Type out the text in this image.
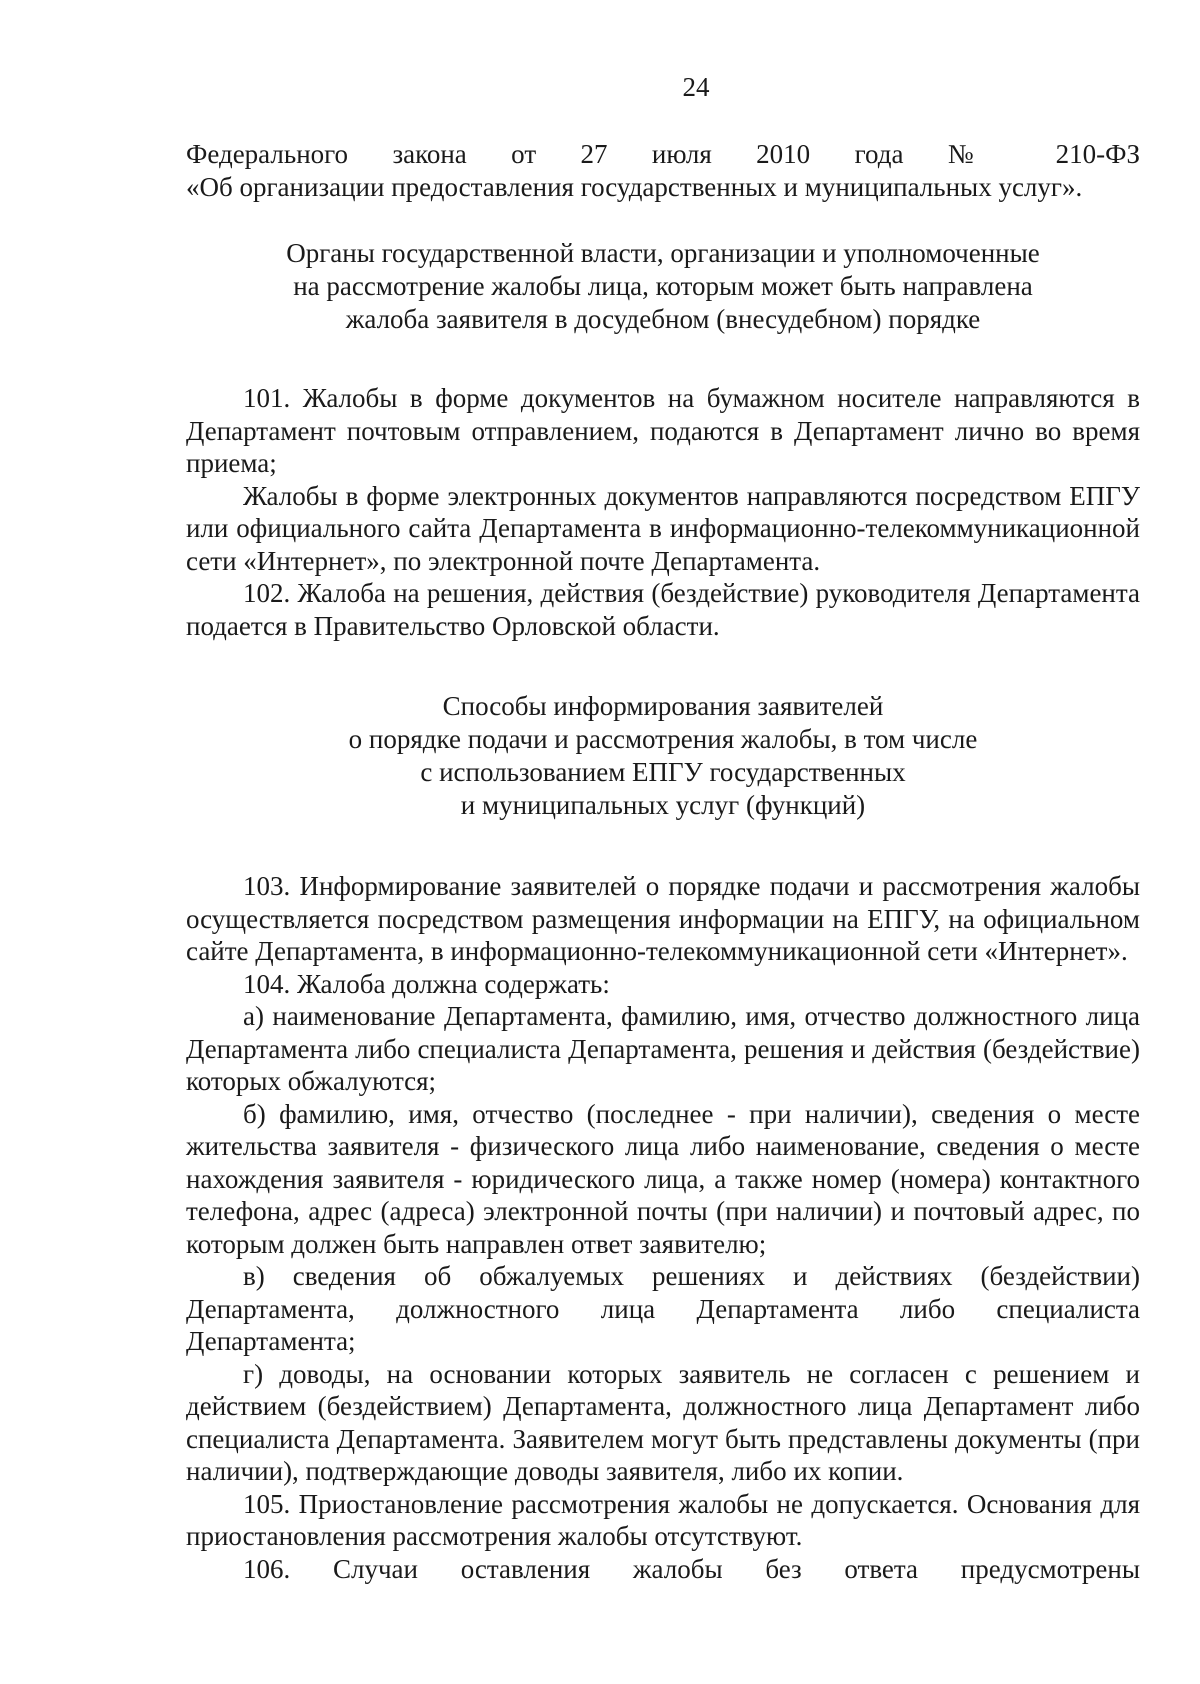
24

Федерального закона от 27 июля 2010 года № 210-ФЗ

«Об организации предоставления государственных и муниципальных услуг».

Органы государственной власти, организации и уполномоченные
на рассмотрение жалобы лица, которым может быть направлена
жалоба заявителя в досудебном (внесудебном) порядке

101. Жалобы в форме документов на бумажном носителе направляются в Департамент почтовым отправлением, подаются в Департамент лично во время приема;

Жалобы в форме электронных документов направляются посредством ЕПГУ или официального сайта Департамента в информационно-телекоммуникационной сети «Интернет», по электронной почте Департамента.

102. Жалоба на решения, действия (бездействие) руководителя Департамента подается в Правительство Орловской области.

Способы информирования заявителей
о порядке подачи и рассмотрения жалобы, в том числе
с использованием ЕПГУ государственных
и муниципальных услуг (функций)

103. Информирование заявителей о порядке подачи и рассмотрения жалобы осуществляется посредством размещения информации на ЕПГУ, на официальном сайте Департамента, в информационно-телекоммуникационной сети «Интернет».

104. Жалоба должна содержать:

а) наименование Департамента, фамилию, имя, отчество должностного лица Департамента либо специалиста Департамента, решения и действия (бездействие) которых обжалуются;

б) фамилию, имя, отчество (последнее - при наличии), сведения о месте жительства заявителя - физического лица либо наименование, сведения о месте нахождения заявителя - юридического лица, а также номер (номера) контактного телефона, адрес (адреса) электронной почты (при наличии) и почтовый адрес, по которым должен быть направлен ответ заявителю;

в) сведения об обжалуемых решениях и действиях (бездействии) Департамента, должностного лица Департамента либо специалиста Департамента;

г) доводы, на основании которых заявитель не согласен с решением и действием (бездействием) Департамента, должностного лица Департамент либо специалиста Департамента. Заявителем могут быть представлены документы (при наличии), подтверждающие доводы заявителя, либо их копии.

105. Приостановление рассмотрения жалобы не допускается. Основания для приостановления рассмотрения жалобы отсутствуют.

106. Случаи оставления жалобы без ответа предусмотрены
